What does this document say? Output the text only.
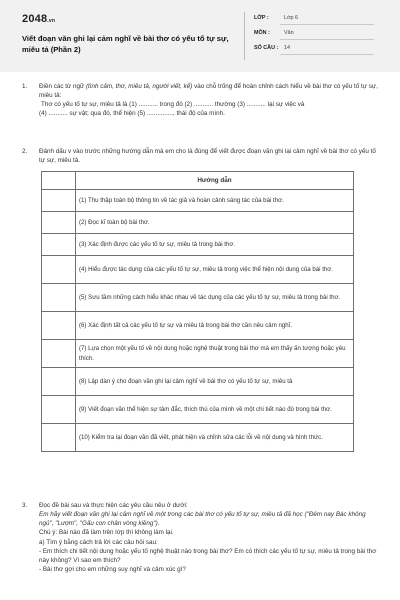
2048.vn
Viết đoạn văn ghi lại cảm nghĩ về bài thơ có yếu tố tự sự, miêu tả (Phần 2)
LỚP :	Lớp 6
MÔN :	Văn
SỐ CÂU : 14
1. Điền các từ ngữ (tình cảm, thơ, miêu tả, người viết, kể) vào chỗ trống để hoàn chỉnh cách hiểu về bài thơ có yếu tố tự sự, miêu tả:

Thơ có yếu tố tự sự, miêu tả là (1) ........... trong đó (2) ........... thường (3) ........... lại sự việc và

(4) ........... sự vật; qua đó, thể hiện (5) ..............., thái độ của mình.

2. Đánh dấu v vào trước những hướng dẫn mà em cho là đúng để viết được đoạn văn ghi lại cảm nghĩ về bài thơ có yếu tố tự sự, miêu tả.

	Hướng dẫn
	(1) Thu thập toàn bộ thông tin về tác giả và hoàn cảnh sáng tác của bài thơ.
	(2) Đọc kĩ toàn bộ bài thơ.
	(3) Xác định được các yếu tố tự sự, miêu tả trong bài thơ.
	(4) Hiểu được tác dụng của các yếu tố tự sự, miêu tả trong việc thể hiện nội dung của bài thơ.
	(5) Sưu tầm những cách hiểu khác nhau về tác dụng của các yếu tố tự sự, miêu tả trong bài thơ.
	(6) Xác định tất cả các yếu tố tự sự và miêu tả trong bài thơ cần nêu cảm nghĩ.
	(7) Lựa chọn một yếu tố về nội dung hoặc nghệ thuật trong bài thơ mà em thấy ấn tượng hoặc yêu thích.
	(8) Lập dàn ý cho đoạn văn ghi lại cảm nghĩ về bài thơ có yếu tố tự sự, miêu tả
	(9) Viết đoạn văn thể hiện sự tâm đắc, thích thú của mình về một chi tiết nào đó trong bài thơ.
	(10) Kiểm tra lại đoạn văn đã viết, phát hiện và chỉnh sửa các lỗi về nội dung và hình thức.
3. Đọc đề bài sau và thực hiện các yêu cầu nêu ở dưới:

Em hãy viết đoạn văn ghi lại cảm nghĩ về một trong các bài thơ có yếu tố tự sự, miêu tả đã học ("Đêm nay Bác không ngủ", "Lượm", "Gấu con chân vòng kiềng").

Chú ý: Bài nào đã làm trên lớp thì không làm lại.

a) Tìm ý bằng cách trả lời các câu hỏi sau:

- Em thích chi tiết nội dung hoặc yếu tố nghệ thuật nào trong bài thơ? Em có thích các yếu tố tự sự, miêu tả trong bài thơ này không? Vì sao em thích?

- Bài thơ gợi cho em những suy nghĩ và cảm xúc gì?
